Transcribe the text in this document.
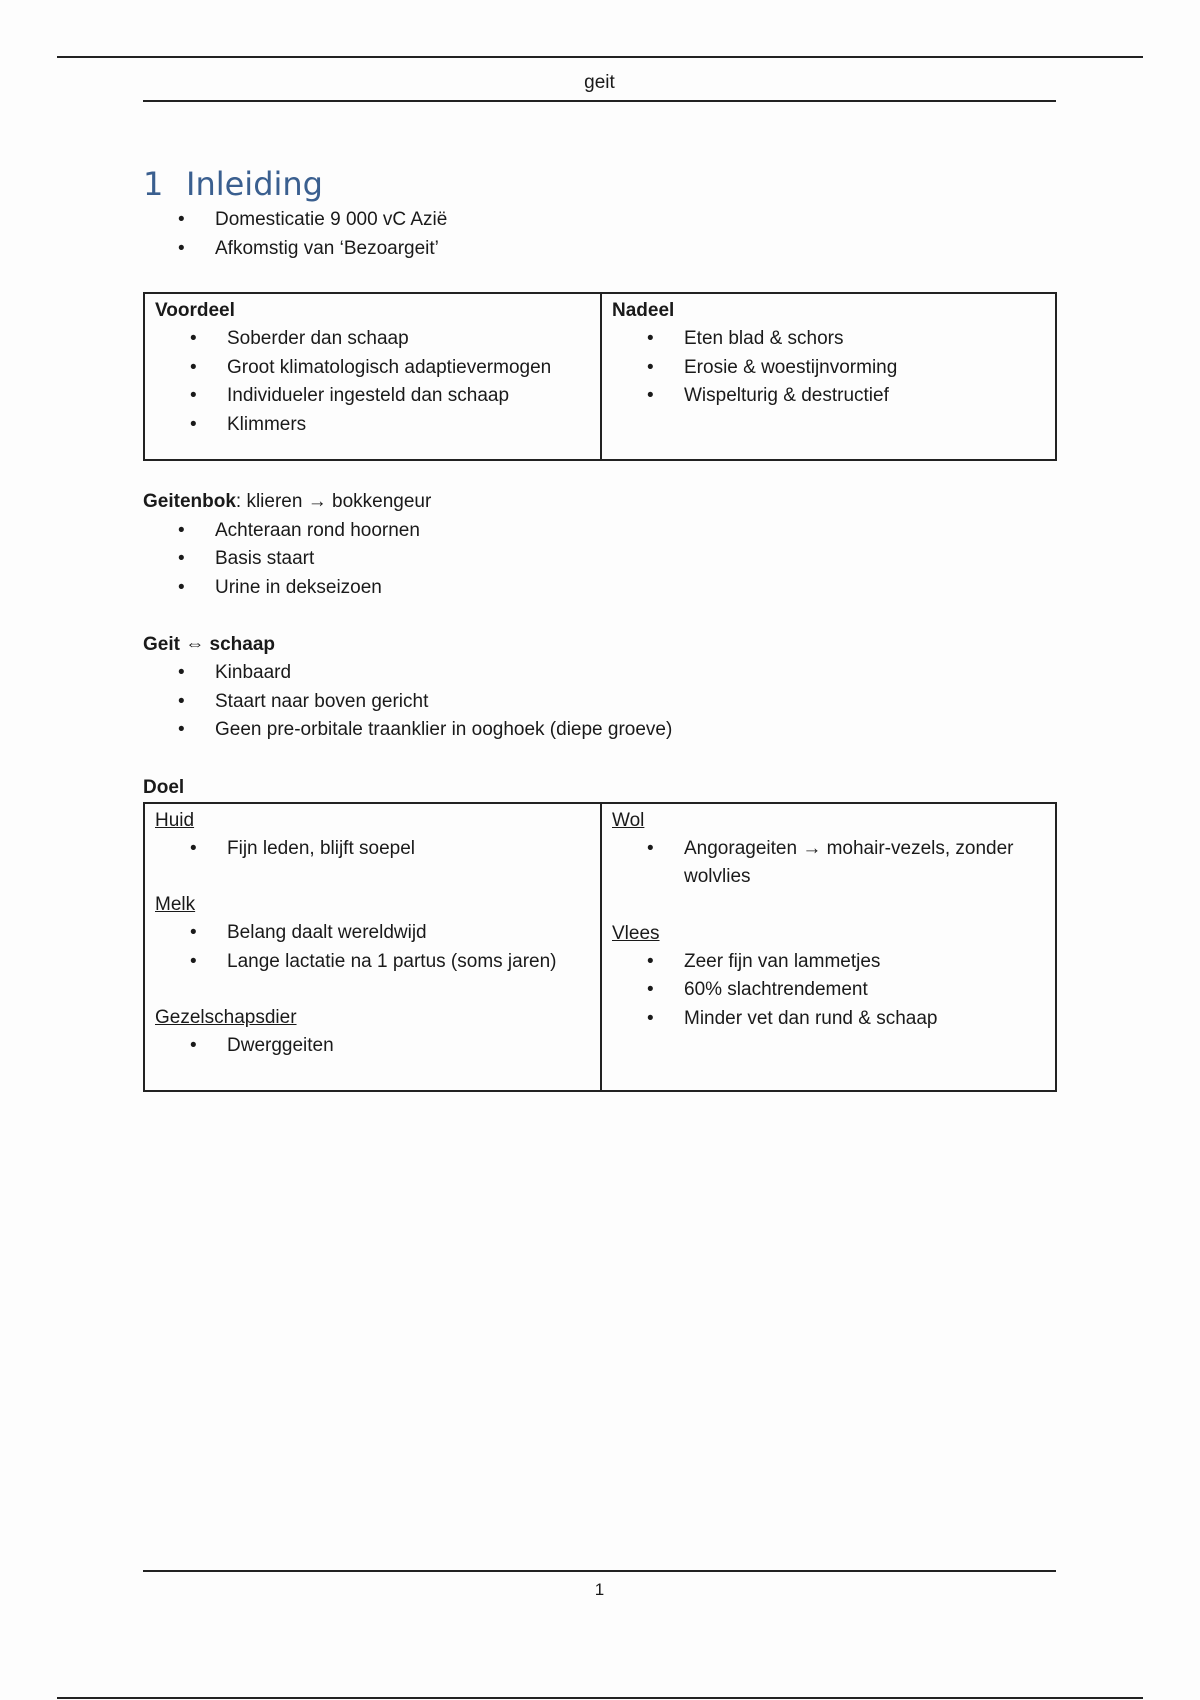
geit
1 Inleiding
• Domesticatie 9 000 vC Azië
• Afkomstig van ‘Bezoargeit’
Voordeel
• Soberder dan schaap
• Groot klimatologisch adaptievermogen
• Individueler ingesteld dan schaap
• Klimmers
Nadeel
• Eten blad & schors
• Erosie & woestijnvorming
• Wispelturig & destructief
Geitenbok: klieren → bokkengeur
• Achteraan rond hoornen
• Basis staart
• Urine in dekseizoen
Geit ⇔ schaap
• Kinbaard
• Staart naar boven gericht
• Geen pre-orbitale traanklier in ooghoek (diepe groeve)
Doel
Huid
• Fijn leden, blijft soepel
Melk
• Belang daalt wereldwijd
• Lange lactatie na 1 partus (soms jaren)
Gezelschapsdier
• Dwerggeiten
Wol
• Angorageiten → mohair-vezels, zonder wolvlies
Vlees
• Zeer fijn van lammetjes
• 60% slachtrendement
• Minder vet dan rund & schaap
1
